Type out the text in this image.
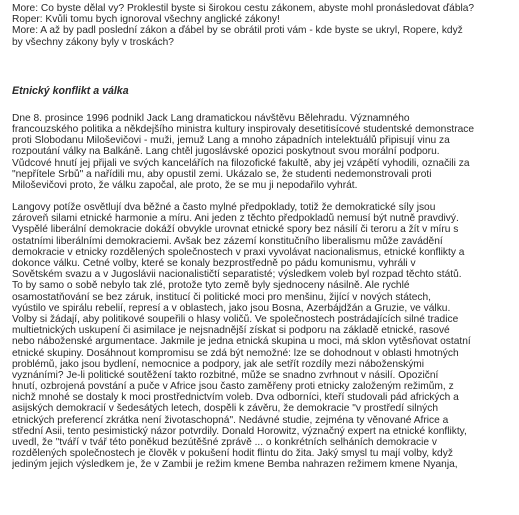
More: Co byste dělal vy? Proklestil byste si širokou cestu zákonem, abyste mohl pronásledovat ďábla?
Roper: Kvůli tomu bych ignoroval všechny anglické zákony!
More: A až by padl poslední zákon a ďábel by se obrátil proti vám - kde byste se ukryl, Ropere, když
by všechny zákony byly v troskách?
Etnický konflikt a válka
Dne 8. prosince 1996 podnikl Jack Lang dramatickou návštěvu Bělehradu. Významného
francouzského politika a někdejšího ministra kultury inspirovaly desetitisícové studentské demonstrace
proti Slobodanu Miloševičovi - muži, jemuž Lang a mnoho západních intelektuálů připisují vinu za
rozpoutání války na Balkáně. Lang chtěl jugoslávské opozici poskytnout svou morální podporu.
Vůdcové hnutí jej přijali ve svých kancelářích na filozofické fakultě, aby jej vzápětí vyhodili, označili za
"nepřítele Srbů" a nařídili mu, aby opustil zemi. Ukázalo se, že studenti nedemonstrovali proti
Miloševičovi proto, že válku započal, ale proto, že se mu ji nepodařilo vyhrát.
Langovy potíže osvětlují dva běžné a často mylné předpoklady, totiž že demokratické síly jsou
zároveň silami etnické harmonie a míru. Ani jeden z těchto předpokladů nemusí být nutně pravdivý.
Vyspělé liberální demokracie dokáží obvykle urovnat etnické spory bez násilí či teroru a žít v míru s
ostatními liberálními demokraciemi. Avšak bez zázemí konstitučního liberalismu může zavádění
demokracie v etnicky rozdělených společnostech v praxi vyvolávat nacionalismus, etnické konflikty a
dokonce válku. Četné volby, které se konaly bezprostředně po pádu komunismu, vyhráli v
Sovětském svazu a v Jugoslávii nacionalističtí separatisté; výsledkem voleb byl rozpad těchto států.
To by samo o sobě nebylo tak zlé, protože tyto země byly sjednoceny násilně. Ale rychlé
osamostatňování se bez záruk, institucí či politické moci pro menšinu, žijící v nových státech,
vyústilo ve spirálu rebelií, represí a v oblastech, jako jsou Bosna, Ázerbájdžán a Gruzie, ve válku.
Volby si žádají, aby politikové soupeřili o hlasy voličů. Ve společnostech postrádajících silné tradice
multietnických uskupení či asimilace je nejsnadnější získat si podporu na základě etnické, rasové
nebo náboženské argumentace. Jakmile je jedna etnická skupina u moci, má sklon vytěsňovat ostatní
etnické skupiny. Dosáhnout kompromisu se zdá být nemožné: lze se dohodnout v oblasti hmotných
problémů, jako jsou bydlení, nemocnice a podpory, jak ale setřít rozdíly mezi náboženskými
vyznáními? Je-li politické soutěžení takto rozbitné, může se snadno zvrhnout v násilí. Opoziční
hnutí, ozbrojená povstání a puče v Africe jsou často zaměřeny proti etnicky založeným režimům, z
nichž mnohé se dostaly k moci prostřednictvím voleb. Dva odborníci, kteří studovali pád afrických a
asijských demokracií v šedesátých letech, dospěli k závěru, že demokracie "v prostředí silných
etnických preferencí zkrátka není životaschopná". Nedávné studie, zejména ty věnované Africe a
střední Asii, tento pesimistický názor potvrdily. Donald Horowitz, význačný expert na etnické konflikty,
uvedl, že "tváří v tvář této poněkud bezútěšné zprávě ... o konkrétních selháních demokracie v
rozdělených společnostech je člověk v pokušení hodit flintu do žita. Jaký smysl tu mají volby, když
jediným jejich výsledkem je, že v Zambii je režim kmene Bemba nahrazen režimem kmene Nyanja,
